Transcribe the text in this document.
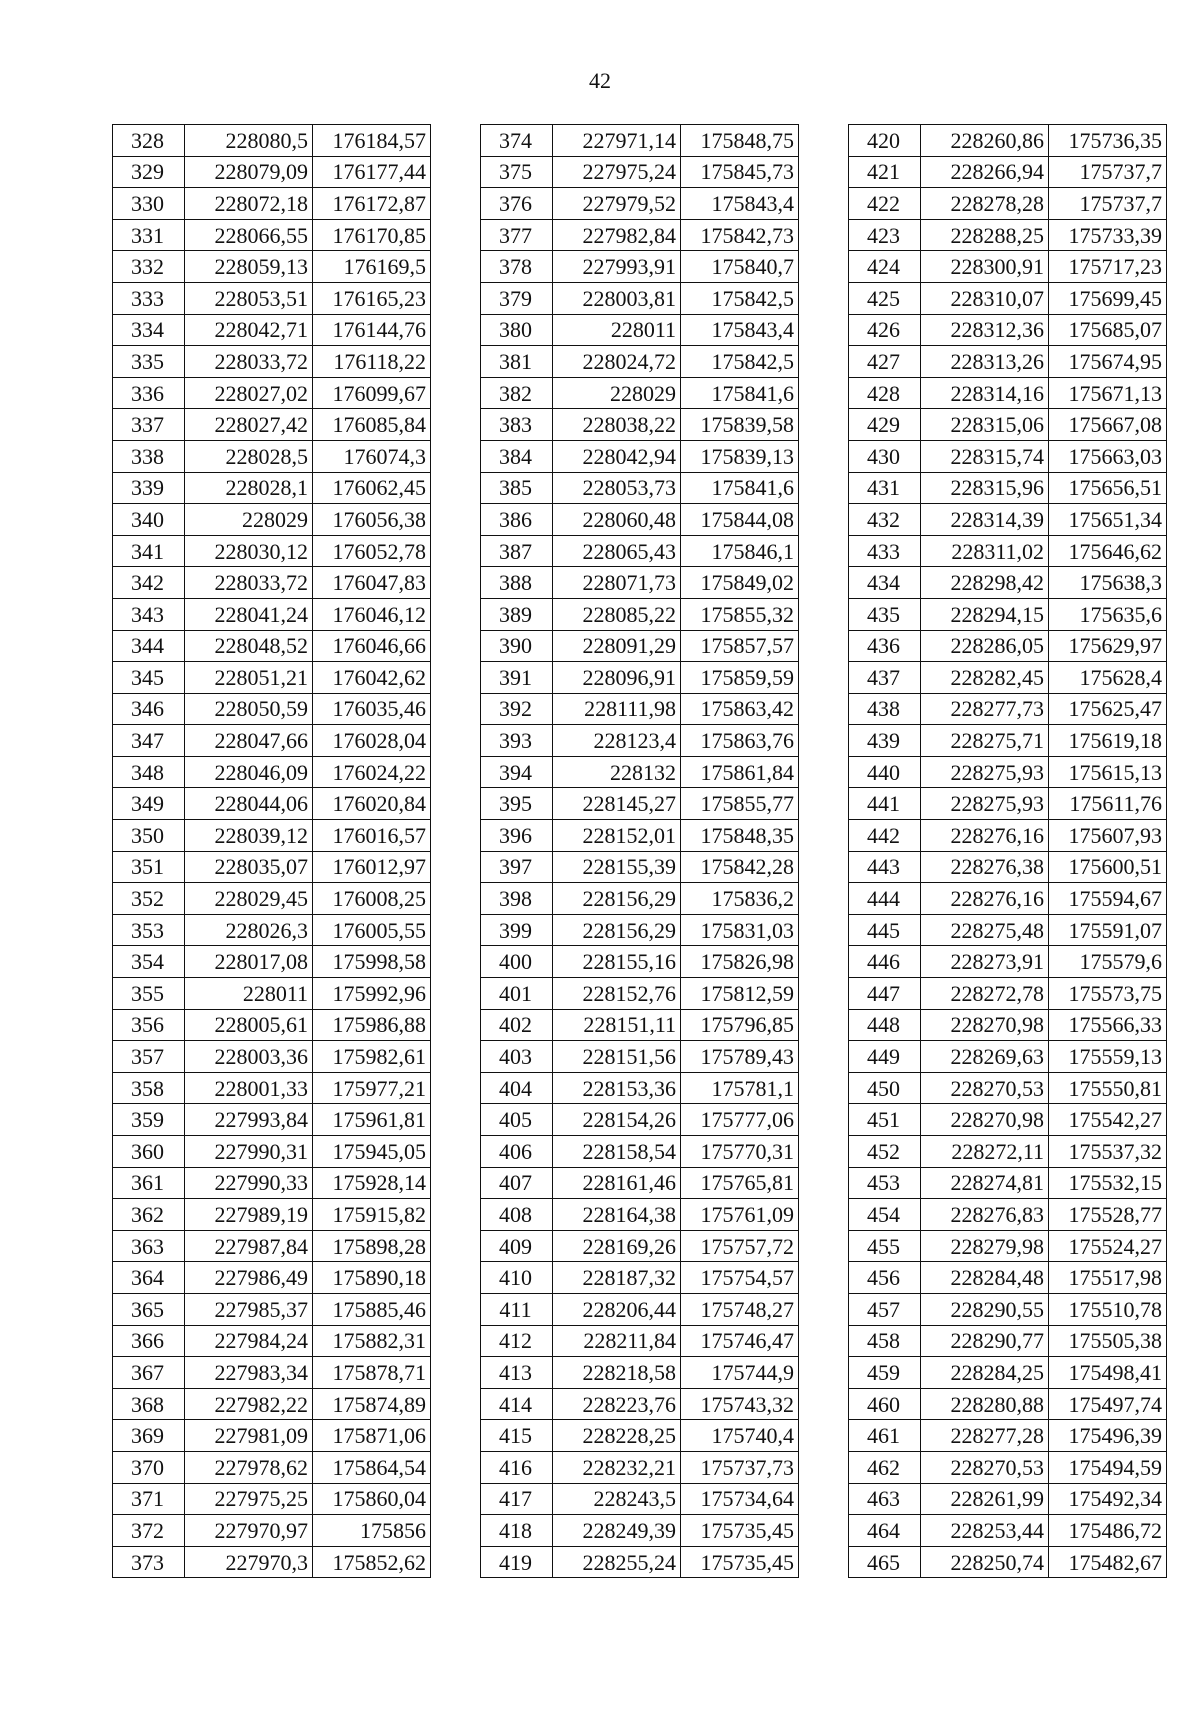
42
328	228080,5	176184,57
329	228079,09	176177,44
330	228072,18	176172,87
331	228066,55	176170,85
332	228059,13	176169,5
333	228053,51	176165,23
334	228042,71	176144,76
335	228033,72	176118,22
336	228027,02	176099,67
337	228027,42	176085,84
338	228028,5	176074,3
339	228028,1	176062,45
340	228029	176056,38
341	228030,12	176052,78
342	228033,72	176047,83
343	228041,24	176046,12
344	228048,52	176046,66
345	228051,21	176042,62
346	228050,59	176035,46
347	228047,66	176028,04
348	228046,09	176024,22
349	228044,06	176020,84
350	228039,12	176016,57
351	228035,07	176012,97
352	228029,45	176008,25
353	228026,3	176005,55
354	228017,08	175998,58
355	228011	175992,96
356	228005,61	175986,88
357	228003,36	175982,61
358	228001,33	175977,21
359	227993,84	175961,81
360	227990,31	175945,05
361	227990,33	175928,14
362	227989,19	175915,82
363	227987,84	175898,28
364	227986,49	175890,18
365	227985,37	175885,46
366	227984,24	175882,31
367	227983,34	175878,71
368	227982,22	175874,89
369	227981,09	175871,06
370	227978,62	175864,54
371	227975,25	175860,04
372	227970,97	175856
373	227970,3	175852,62
374	227971,14	175848,75
375	227975,24	175845,73
376	227979,52	175843,4
377	227982,84	175842,73
378	227993,91	175840,7
379	228003,81	175842,5
380	228011	175843,4
381	228024,72	175842,5
382	228029	175841,6
383	228038,22	175839,58
384	228042,94	175839,13
385	228053,73	175841,6
386	228060,48	175844,08
387	228065,43	175846,1
388	228071,73	175849,02
389	228085,22	175855,32
390	228091,29	175857,57
391	228096,91	175859,59
392	228111,98	175863,42
393	228123,4	175863,76
394	228132	175861,84
395	228145,27	175855,77
396	228152,01	175848,35
397	228155,39	175842,28
398	228156,29	175836,2
399	228156,29	175831,03
400	228155,16	175826,98
401	228152,76	175812,59
402	228151,11	175796,85
403	228151,56	175789,43
404	228153,36	175781,1
405	228154,26	175777,06
406	228158,54	175770,31
407	228161,46	175765,81
408	228164,38	175761,09
409	228169,26	175757,72
410	228187,32	175754,57
411	228206,44	175748,27
412	228211,84	175746,47
413	228218,58	175744,9
414	228223,76	175743,32
415	228228,25	175740,4
416	228232,21	175737,73
417	228243,5	175734,64
418	228249,39	175735,45
419	228255,24	175735,45
420	228260,86	175736,35
421	228266,94	175737,7
422	228278,28	175737,7
423	228288,25	175733,39
424	228300,91	175717,23
425	228310,07	175699,45
426	228312,36	175685,07
427	228313,26	175674,95
428	228314,16	175671,13
429	228315,06	175667,08
430	228315,74	175663,03
431	228315,96	175656,51
432	228314,39	175651,34
433	228311,02	175646,62
434	228298,42	175638,3
435	228294,15	175635,6
436	228286,05	175629,97
437	228282,45	175628,4
438	228277,73	175625,47
439	228275,71	175619,18
440	228275,93	175615,13
441	228275,93	175611,76
442	228276,16	175607,93
443	228276,38	175600,51
444	228276,16	175594,67
445	228275,48	175591,07
446	228273,91	175579,6
447	228272,78	175573,75
448	228270,98	175566,33
449	228269,63	175559,13
450	228270,53	175550,81
451	228270,98	175542,27
452	228272,11	175537,32
453	228274,81	175532,15
454	228276,83	175528,77
455	228279,98	175524,27
456	228284,48	175517,98
457	228290,55	175510,78
458	228290,77	175505,38
459	228284,25	175498,41
460	228280,88	175497,74
461	228277,28	175496,39
462	228270,53	175494,59
463	228261,99	175492,34
464	228253,44	175486,72
465	228250,74	175482,67
